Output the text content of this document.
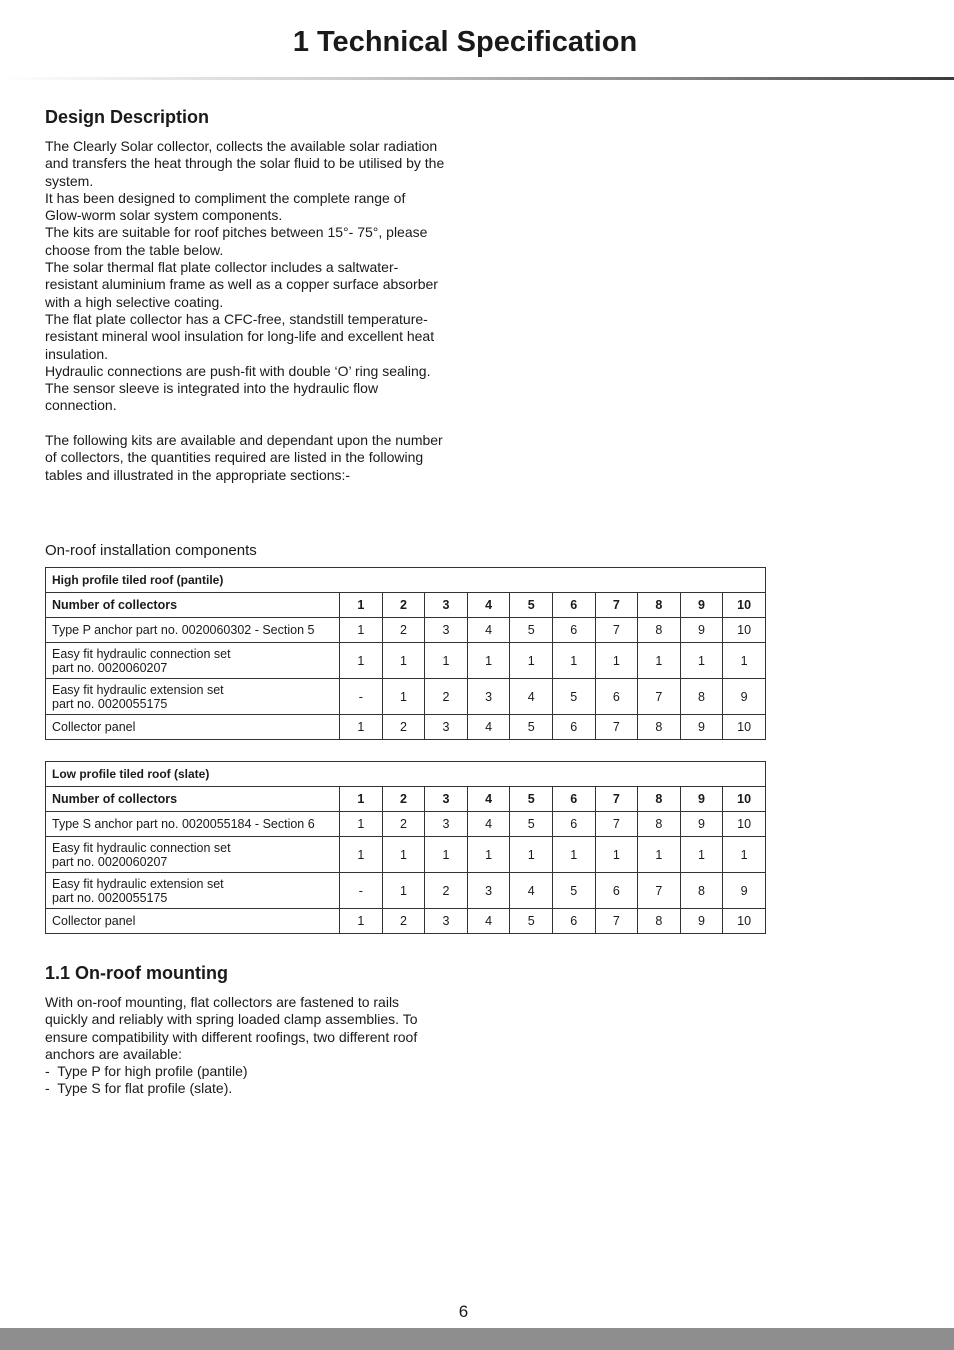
1 Technical Specification
Design Description

The Clearly Solar collector, collects the available solar radiation and transfers the heat through the solar fluid to be utilised by the system.

It has been designed to compliment the complete range of Glow-worm solar system components.

The kits are suitable for roof pitches between 15°- 75°, please choose from the table below.

The solar thermal flat plate collector includes a saltwater-resistant aluminium frame as well as a copper surface absorber with a high selective coating.

The flat plate collector has a CFC-free, standstill temperature-resistant mineral wool insulation for long-life and excellent heat insulation.

Hydraulic connections are push-fit with double ‘O’ ring sealing. The sensor sleeve is integrated into the hydraulic flow connection.

The following kits are available and dependant upon the number of collectors, the quantities required are listed in the following tables and illustrated in the appropriate sections:-

On-roof installation components
High profile tiled roof (pantile)										
Number of collectors	1	2	3	4	5	6	7	8	9	10
Type P anchor part no. 0020060302 - Section 5	1	2	3	4	5	6	7	8	9	10
Easy fit hydraulic connection set
part no. 0020060207	1	1	1	1	1	1	1	1	1	1
Easy fit hydraulic extension set
part no. 0020055175	-	1	2	3	4	5	6	7	8	9
Collector panel	1	2	3	4	5	6	7	8	9	10
Low profile tiled roof (slate)										
Number of collectors	1	2	3	4	5	6	7	8	9	10
Type S anchor part no. 0020055184 - Section 6	1	2	3	4	5	6	7	8	9	10
Easy fit hydraulic connection set
part no. 0020060207	1	1	1	1	1	1	1	1	1	1
Easy fit hydraulic extension set
part no. 0020055175	-	1	2	3	4	5	6	7	8	9
Collector panel	1	2	3	4	5	6	7	8	9	10
1.1 On-roof mounting

With on-roof mounting, flat collectors are fastened to rails quickly and reliably with spring loaded clamp assemblies. To ensure compatibility with different roofings, two different roof anchors are available:

-  Type P for high profile (pantile)

-  Type S for flat profile (slate).

6
